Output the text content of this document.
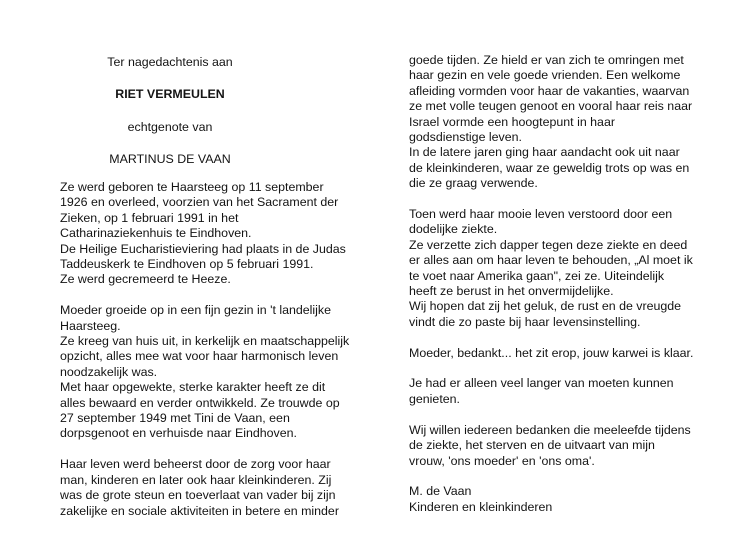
Ter nagedachtenis aan
RIET VERMEULEN
echtgenote van
MARTINUS DE VAAN

Ze werd geboren te Haarsteeg op 11 september 1926 en overleed, voorzien van het Sacrament der Zieken, op 1 februari 1991 in het Catharinaziekenhuis te Eindhoven.

De Heilige Eucharistieviering had plaats in de Judas Taddeuskerk te Eindhoven op 5 februari 1991.

Ze werd gecremeerd te Heeze.

Moeder groeide op in een fijn gezin in 't landelijke Haarsteeg.

Ze kreeg van huis uit, in kerkelijk en maatschappelijk opzicht, alles mee wat voor haar harmonisch leven noodzakelijk was.

Met haar opgewekte, sterke karakter heeft ze dit alles bewaard en verder ontwikkeld. Ze trouwde op 27 september 1949 met Tini de Vaan, een dorpsgenoot en verhuisde naar Eindhoven.

Haar leven werd beheerst door de zorg voor haar man, kinderen en later ook haar kleinkinderen. Zij was de grote steun en toeverlaat van vader bij zijn zakelijke en sociale aktiviteiten in betere en minder

goede tijden. Ze hield er van zich te omringen met haar gezin en vele goede vrienden. Een welkome afleiding vormden voor haar de vakanties, waarvan ze met volle teugen genoot en vooral haar reis naar Israel vormde een hoogtepunt in haar godsdienstige leven.

In de latere jaren ging haar aandacht ook uit naar de kleinkinderen, waar ze geweldig trots op was en die ze graag verwende.

Toen werd haar mooie leven verstoord door een dodelijke ziekte.

Ze verzette zich dapper tegen deze ziekte en deed er alles aan om haar leven te behouden, „Al moet ik te voet naar Amerika gaan", zei ze. Uiteindelijk heeft ze berust in het onvermijdelijke.

Wij hopen dat zij het geluk, de rust en de vreugde vindt die zo paste bij haar levensinstelling.

Moeder, bedankt... het zit erop, jouw karwei is klaar.

Je had er alleen veel langer van moeten kunnen genieten.

Wij willen iedereen bedanken die meeleefde tijdens de ziekte, het sterven en de uitvaart van mijn vrouw, 'ons moeder' en 'ons oma'.

M. de Vaan

Kinderen en kleinkinderen
